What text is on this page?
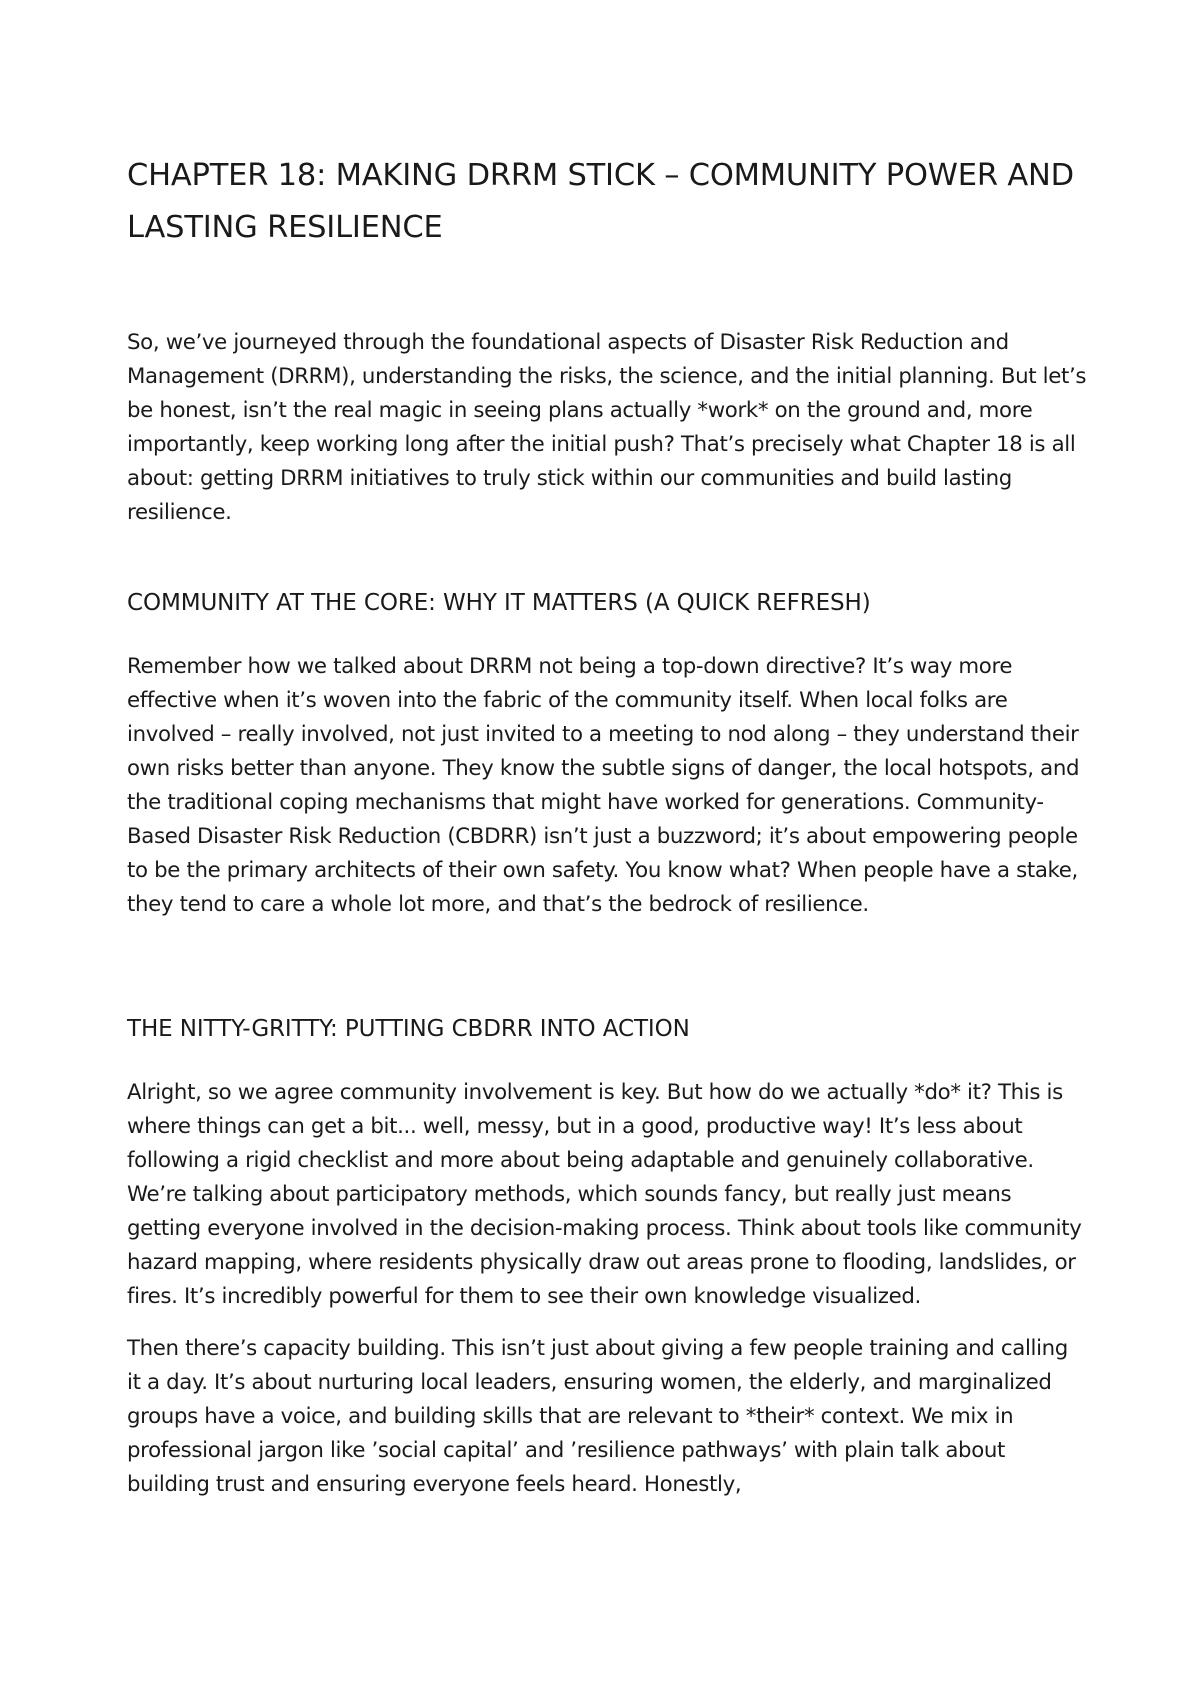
CHAPTER 18: MAKING DRRM STICK – COMMUNITY POWER AND LASTING RESILIENCE

So, we’ve journeyed through the foundational aspects of Disaster Risk Reduction and Management (DRRM), understanding the risks, the science, and the initial planning. But let’s be honest, isn’t the real magic in seeing plans actually *work* on the ground and, more importantly, keep working long after the initial push? That’s precisely what Chapter 18 is all about: getting DRRM initiatives to truly stick within our communities and build lasting resilience.

COMMUNITY AT THE CORE: WHY IT MATTERS (A QUICK REFRESH)

Remember how we talked about DRRM not being a top-down directive? It’s way more effective when it’s woven into the fabric of the community itself. When local folks are involved – really involved, not just invited to a meeting to nod along – they understand their own risks better than anyone. They know the subtle signs of danger, the local hotspots, and the traditional coping mechanisms that might have worked for generations. Community-Based Disaster Risk Reduction (CBDRR) isn’t just a buzzword; it’s about empowering people to be the primary architects of their own safety. You know what? When people have a stake, they tend to care a whole lot more, and that’s the bedrock of resilience.

THE NITTY-GRITTY: PUTTING CBDRR INTO ACTION

Alright, so we agree community involvement is key. But how do we actually *do* it? This is where things can get a bit... well, messy, but in a good, productive way! It’s less about following a rigid checklist and more about being adaptable and genuinely collaborative. We’re talking about participatory methods, which sounds fancy, but really just means getting everyone involved in the decision-making process. Think about tools like community hazard mapping, where residents physically draw out areas prone to flooding, landslides, or fires. It’s incredibly powerful for them to see their own knowledge visualized.

Then there’s capacity building. This isn’t just about giving a few people training and calling it a day. It’s about nurturing local leaders, ensuring women, the elderly, and marginalized groups have a voice, and building skills that are relevant to *their* context. We mix in professional jargon like ’social capital’ and ’resilience pathways’ with plain talk about building trust and ensuring everyone feels heard. Honestly,
